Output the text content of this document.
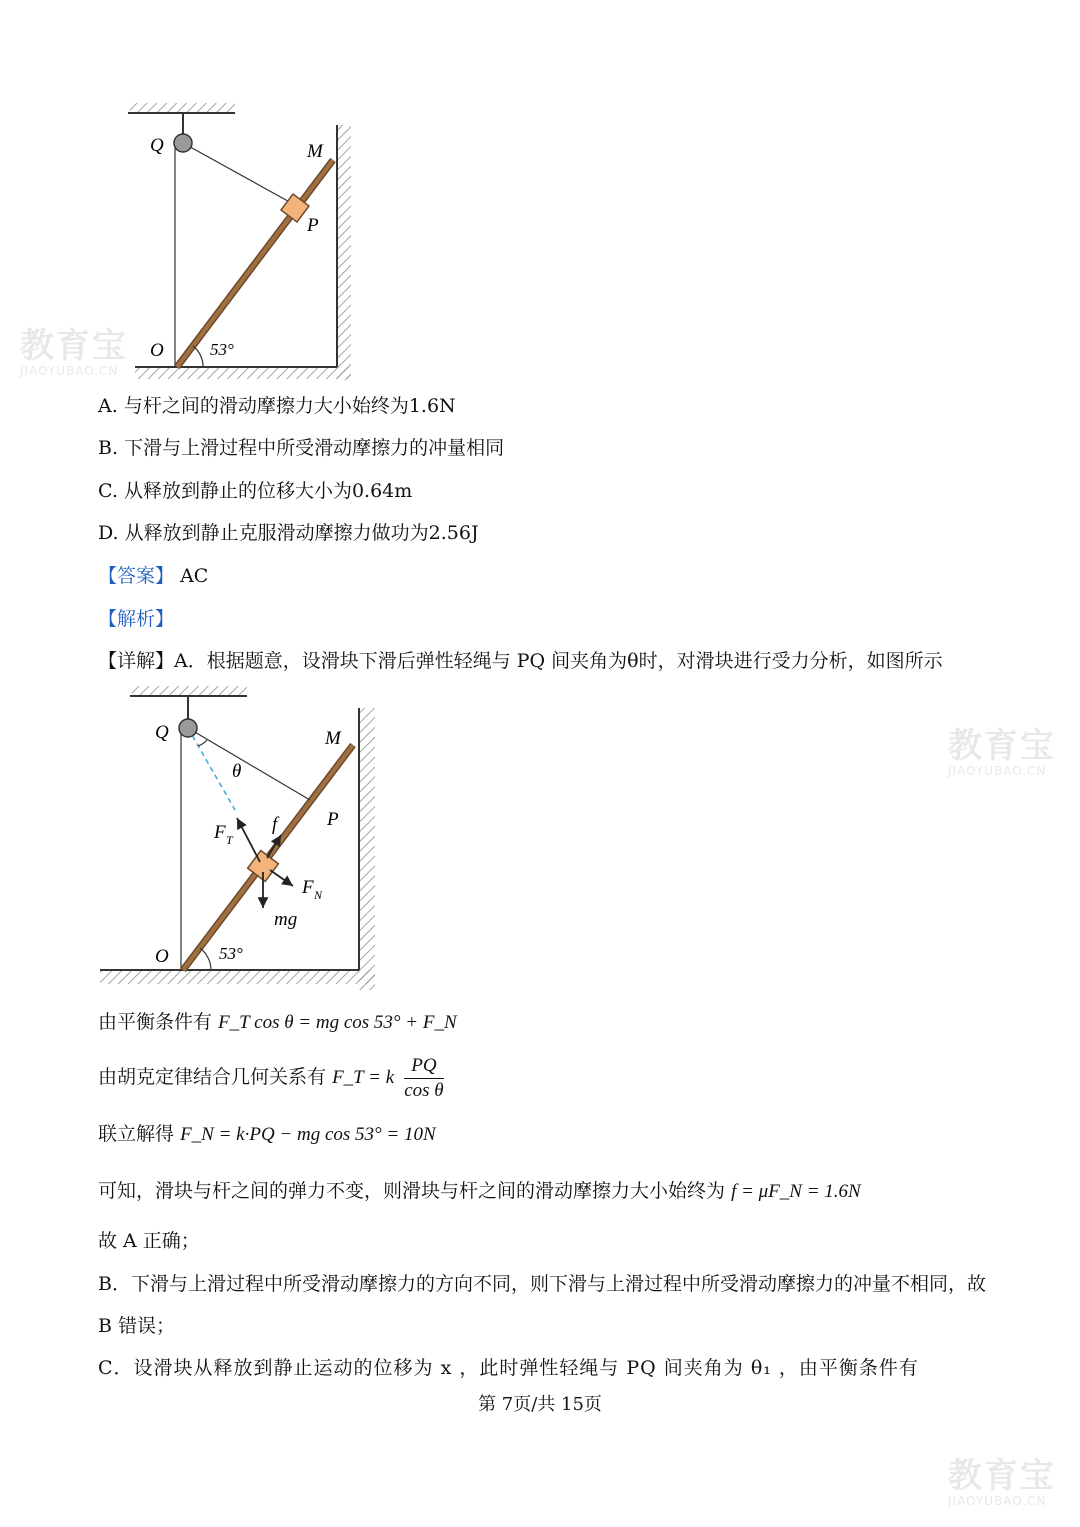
教育宝
JIAOYUBAO.CN
教育宝
JIAOYUBAO.CN
教育宝
JIAOYUBAO.CN
Q	M
P
O	53°
A. 与杆之间的滑动摩擦力大小始终为1.6N
B. 下滑与上滑过程中所受滑动摩擦力的冲量相同
C. 从释放到静止的位移大小为0.64m
D. 从释放到静止克服滑动摩擦力做功为2.56J
【答案】 AC
【解析】
【详解】A．根据题意，设滑块下滑后弹性轻绳与 PQ 间夹角为θ时，对滑块进行受力分析，如图所示
Q	M
P
θ
F T
f
F N
mg
O	53°
由平衡条件有 F_T cos θ = mg cos 53° + F_N
由胡克定律结合几何关系有 F_T = k $\frac{PQ}{\text{cos θ}}$
联立解得 F_N = k·PQ − mg cos 53° = 10N
可知，滑块与杆之间的弹力不变，则滑块与杆之间的滑动摩擦力大小始终为 f = μF_N = 1.6N
故 A 正确；
B．下滑与上滑过程中所受滑动摩擦力的方向不同，则下滑与上滑过程中所受滑动摩擦力的冲量不相同，故
B 错误；
C．设滑块从释放到静止运动的位移为 x ，此时弹性轻绳与 PQ 间夹角为 θ₁ ，由平衡条件有
第 7页/共 15页
